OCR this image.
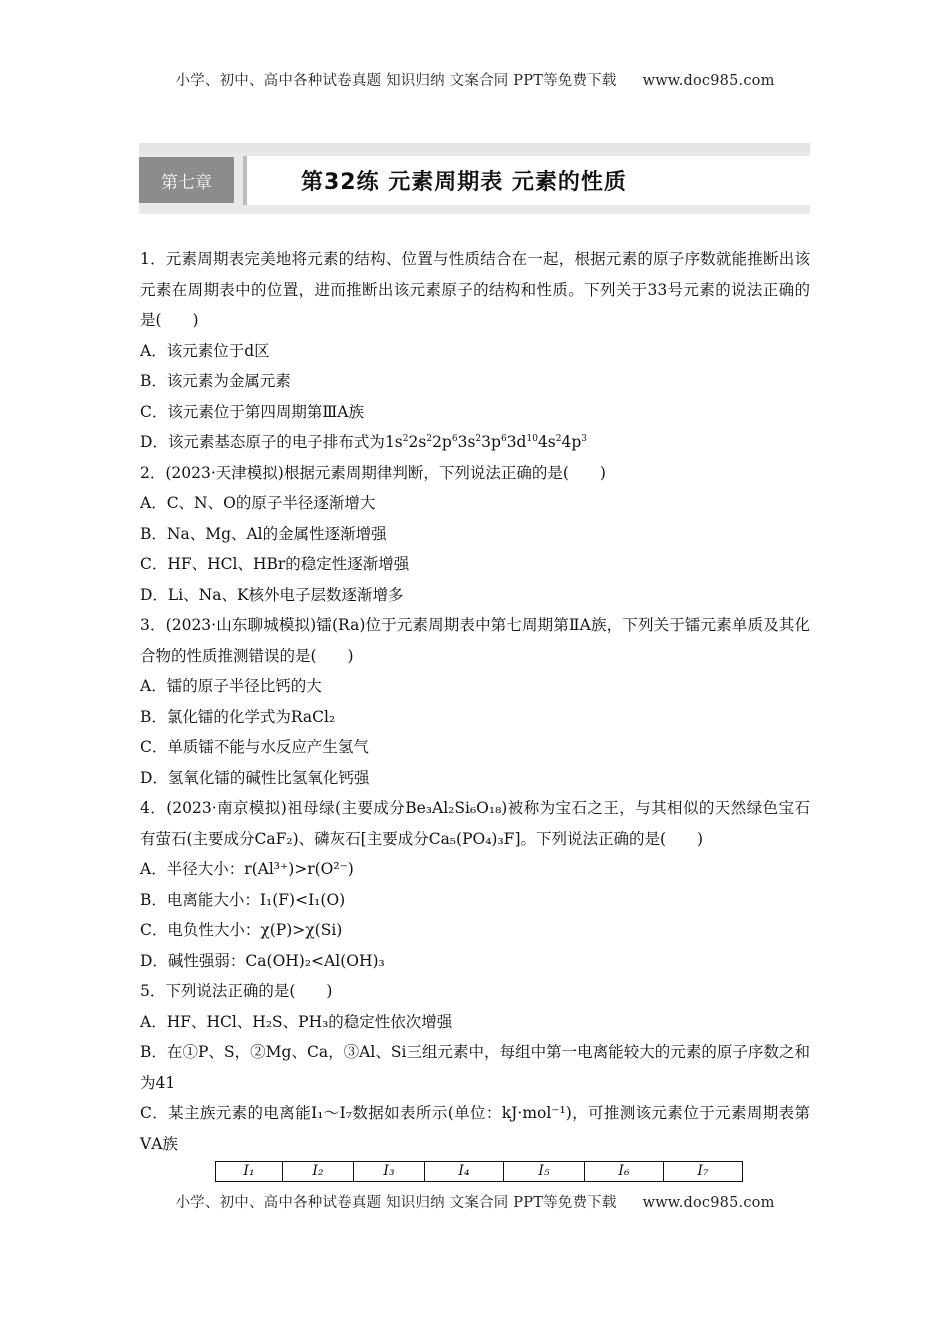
小学、初中、高中各种试卷真题 知识归纳 文案合同 PPT等免费下载 www.doc985.com
第七章	第32练 元素周期表 元素的性质

1．元素周期表完美地将元素的结构、位置与性质结合在一起，根据元素的原子序数就能推断出该元素在周期表中的位置，进而推断出该元素原子的结构和性质。下列关于33号元素的说法正确的是(　　)

A．该元素位于d区

B．该元素为金属元素

C．该元素位于第四周期第ⅢA族

D．该元素基态原子的电子排布式为$1s^22s^22p^63s^23p^63d^{10}4s^24p^3$

2．(2023·天津模拟)根据元素周期律判断，下列说法正确的是(　　)

A．C、N、O的原子半径逐渐增大

B．Na、Mg、Al的金属性逐渐增强

C．HF、HCl、HBr的稳定性逐渐增强

D．Li、Na、K核外电子层数逐渐增多

3．(2023·山东聊城模拟)镭(Ra)位于元素周期表中第七周期第ⅡA族，下列关于镭元素单质及其化合物的性质推测错误的是(　　)

A．镭的原子半径比钙的大

B．氯化镭的化学式为RaCl₂

C．单质镭不能与水反应产生氢气

D．氢氧化镭的碱性比氢氧化钙强

4．(2023·南京模拟)祖母绿(主要成分Be₃Al₂Si₆O₁₈)被称为宝石之王，与其相似的天然绿色宝石有萤石(主要成分CaF₂)、磷灰石[主要成分Ca₅(PO₄)₃F]。下列说法正确的是(　　)

A．半径大小：r(Al³⁺)>r(O²⁻)

B．电离能大小：I₁(F)<I₁(O)

C．电负性大小：χ(P)>χ(Si)

D．碱性强弱：Ca(OH)₂<Al(OH)₃

5．下列说法正确的是(　　)

A．HF、HCl、H₂S、PH₃的稳定性依次增强

B．在①P、S，②Mg、Ca，③Al、Si三组元素中，每组中第一电离能较大的元素的原子序数之和为41

C．某主族元素的电离能I₁～I₇数据如表所示(单位：kJ·mol⁻¹)，可推测该元素位于元素周期表第ⅤA族

I₁	I₂	I₃	I₄	I₅	I₆	I₇
小学、初中、高中各种试卷真题 知识归纳 文案合同 PPT等免费下载 www.doc985.com
